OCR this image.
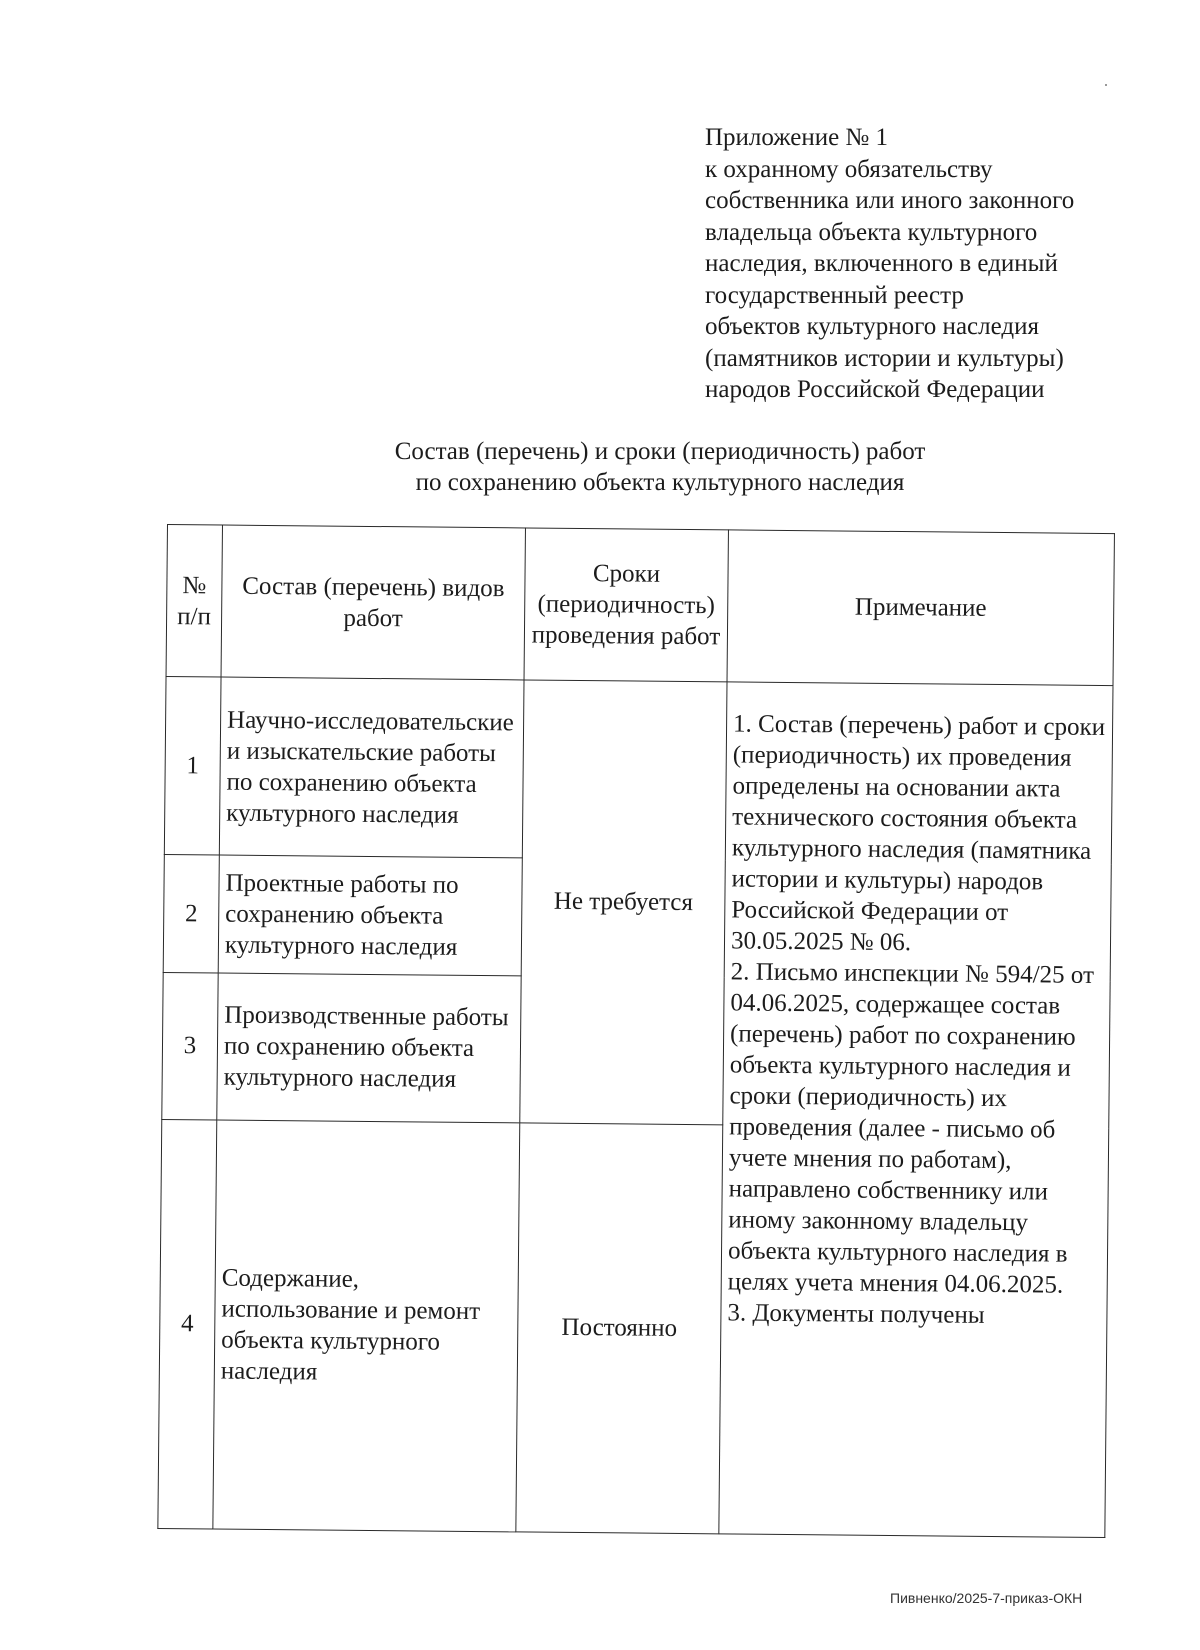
Приложение № 1
к охранному обязательству
собственника или иного законного
владельца объекта культурного
наследия, включенного в единый
государственный реестр
объектов культурного наследия
(памятников истории и культуры)
народов Российской Федерации
Состав (перечень) и сроки (периодичность) работ
по сохранению объекта культурного наследия
№ п/п	Состав (перечень) видов работ	Сроки (периодичность) проведения работ	Примечание
1	Научно-исследовательские и изыскательские работы по сохранению объекта культурного наследия	Не требуется	1. Состав (перечень) работ и сроки (периодичность) их проведения определены на основании акта технического состояния объекта культурного наследия (памятника истории и культуры) народов Российской Федерации от 30.05.2025 № 06.
2. Письмо инспекции № 594/25 от 04.06.2025, содержащее состав (перечень) работ по сохранению объекта культурного наследия и сроки (периодичность) их проведения (далее - письмо об учете мнения по работам), направлено собственнику или иному законному владельцу объекта культурного наследия в целях учета мнения 04.06.2025.
3. Документы получены

2	Проектные работы по сохранению объекта культурного наследия		
3	Производственные работы по сохранению объекта культурного наследия		
4	Содержание, использование и ремонт объекта культурного наследия	Постоянно	
Пивненко/2025-7-приказ-ОКН
